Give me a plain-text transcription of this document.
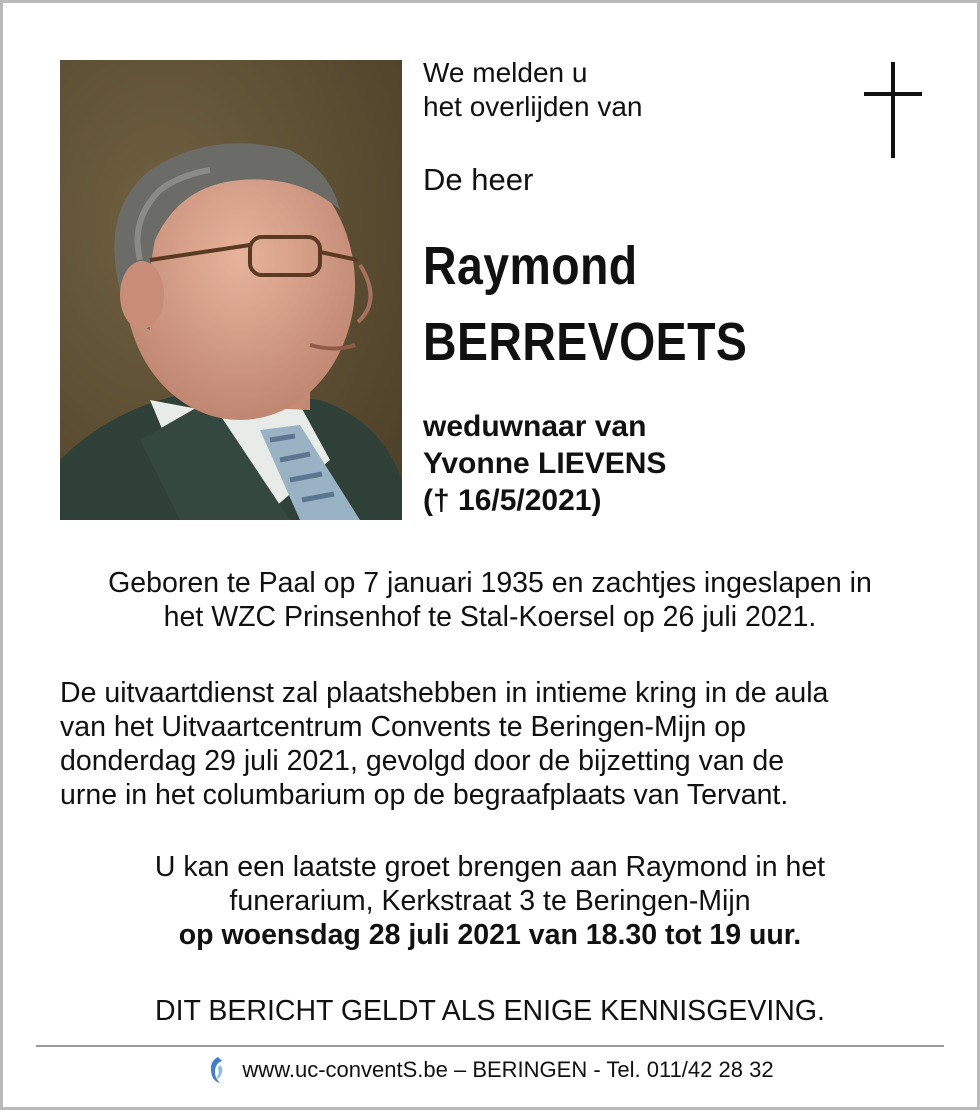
We melden u
het overlijden van
De heer
Raymond
BERREVOETS
weduwnaar van
Yvonne LIEVENS
(† 16/5/2021)
Geboren te Paal op 7 januari 1935 en zachtjes ingeslapen in
het WZC Prinsenhof te Stal-Koersel op 26 juli 2021.
De uitvaartdienst zal plaatshebben in intieme kring in de aula
van het Uitvaartcentrum Convents te Beringen-Mijn op
donderdag 29 juli 2021, gevolgd door de bijzetting van de
urne in het columbarium op de begraafplaats van Tervant.
U kan een laatste groet brengen aan Raymond in het
funerarium, Kerkstraat 3 te Beringen-Mijn
op woensdag 28 juli 2021 van 18.30 tot 19 uur.
DIT BERICHT GELDT ALS ENIGE KENNISGEVING.
www.uc-conventS.be – BERINGEN - Tel. 011/42 28 32
